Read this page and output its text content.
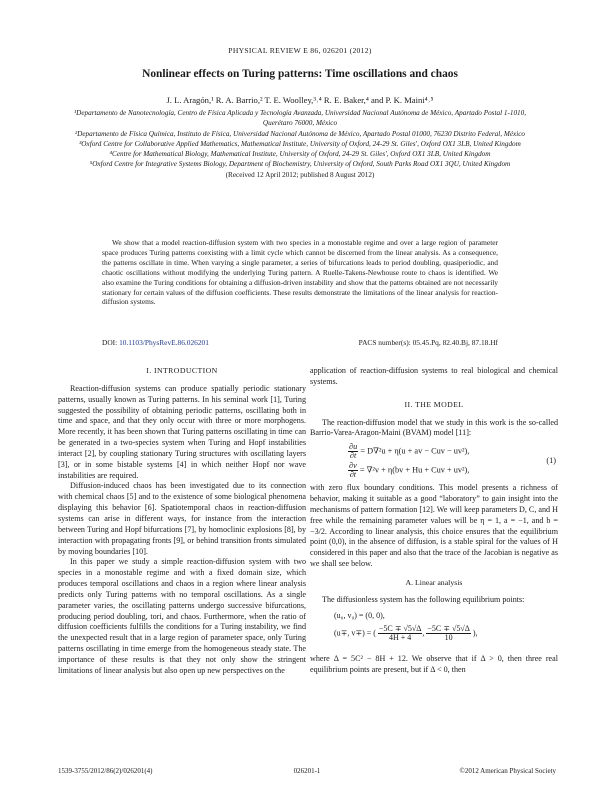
PHYSICAL REVIEW E 86, 026201 (2012)
Nonlinear effects on Turing patterns: Time oscillations and chaos
J. L. Aragón,¹ R. A. Barrio,² T. E. Woolley,³˒⁴ R. E. Baker,⁴ and P. K. Maini⁴˒⁵
¹Departamento de Nanotecnología, Centro de Física Aplicada y Tecnología Avanzada, Universidad Nacional Autónoma de México, Apartado Postal 1-1010, Querétaro 76000, México
²Departamento de Física Química, Instituto de Física, Universidad Nacional Autónoma de México, Apartado Postal 01000, 76230 Distrito Federal, México
³Oxford Centre for Collaborative Applied Mathematics, Mathematical Institute, University of Oxford, 24-29 St. Giles', Oxford OX1 3LB, United Kingdom
⁴Centre for Mathematical Biology, Mathematical Institute, University of Oxford, 24-29 St. Giles', Oxford OX1 3LB, United Kingdom
⁵Oxford Centre for Integrative Systems Biology, Department of Biochemistry, University of Oxford, South Parks Road OX1 3QU, United Kingdom
(Received 12 April 2012; published 8 August 2012)

We show that a model reaction-diffusion system with two species in a monostable regime and over a large region of parameter space produces Turing patterns coexisting with a limit cycle which cannot be discerned from the linear analysis. As a consequence, the patterns oscillate in time. When varying a single parameter, a series of bifurcations leads to period doubling, quasiperiodic, and chaotic oscillations without modifying the underlying Turing pattern. A Ruelle-Takens-Newhouse route to chaos is identified. We also examine the Turing conditions for obtaining a diffusion-driven instability and show that the patterns obtained are not necessarily stationary for certain values of the diffusion coefficients. These results demonstrate the limitations of the linear analysis for reaction-diffusion systems.

DOI: 10.1103/PhysRevE.86.026201	PACS number(s): 05.45.Pq, 82.40.Bj, 87.18.Hf
I. INTRODUCTION

Reaction-diffusion systems can produce spatially periodic stationary patterns, usually known as Turing patterns. In his seminal work [1], Turing suggested the possibility of obtaining periodic patterns, oscillating both in time and space, and that they only occur with three or more morphogens. More recently, it has been shown that Turing patterns oscillating in time can be generated in a two-species system when Turing and Hopf instabilities interact [2], by coupling stationary Turing structures with oscillating layers [3], or in some bistable systems [4] in which neither Hopf nor wave instabilities are required.

Diffusion-induced chaos has been investigated due to its connection with chemical chaos [5] and to the existence of some biological phenomena displaying this behavior [6]. Spatiotemporal chaos in reaction-diffusion systems can arise in different ways, for instance from the interaction between Turing and Hopf bifurcations [7], by homoclinic explosions [8], by interaction with propagating fronts [9], or behind transition fronts simulated by moving boundaries [10].

In this paper we study a simple reaction-diffusion system with two species in a monostable regime and with a fixed domain size, which produces temporal oscillations and chaos in a region where linear analysis predicts only Turing patterns with no temporal oscillations. As a single parameter varies, the oscillating patterns undergo successive bifurcations, producing period doubling, tori, and chaos. Furthermore, when the ratio of diffusion coefficients fulfills the conditions for a Turing instability, we find the unexpected result that in a large region of parameter space, only Turing patterns oscillating in time emerge from the homogeneous steady state. The importance of these results is that they not only show the stringent limitations of linear analysis but also open up new perspectives on the

application of reaction-diffusion systems to real biological and chemical systems.

II. THE MODEL

The reaction-diffusion model that we study in this work is the so-called Barrio-Varea-Aragon-Maini (BVAM) model [11]:

$\frac{\partial u}{\partial t} = D\nabla^2u + \eta(u$ + av − Cuv − uv²),
$\frac{\partial v}{\partial t} = \nabla^2v + \eta(bv + Hu$ + Cuv + uv²),
(1)

with zero flux boundary conditions. This model presents a richness of behavior, making it suitable as a good “laboratory” to gain insight into the mechanisms of pattern formation [12]. We will keep parameters D, C, and H free while the remaining parameter values will be η = 1, a = −1, and b = −3/2. According to linear analysis, this choice ensures that the equilibrium point (0,0), in the absence of diffusion, is a stable spiral for the values of H considered in this paper and also that the trace of the Jacobian is negative as we shall see below.

A. Linear analysis

The diffusionless system has the following equilibrium points:

(u₀, v₀) = (0, 0),
(u∓, v∓) = ( $\frac{-5C \mp √5√\Delta}{4H + 4}$ , $\frac{-5C \mp √5√\Delta}{10}$ ),

where Δ = 5C² − 8H + 12. We observe that if Δ > 0, then three real equilibrium points are present, but if Δ < 0, then

1539-3755/2012/86(2)/026201(4)	026201-1	©2012 American Physical Society
